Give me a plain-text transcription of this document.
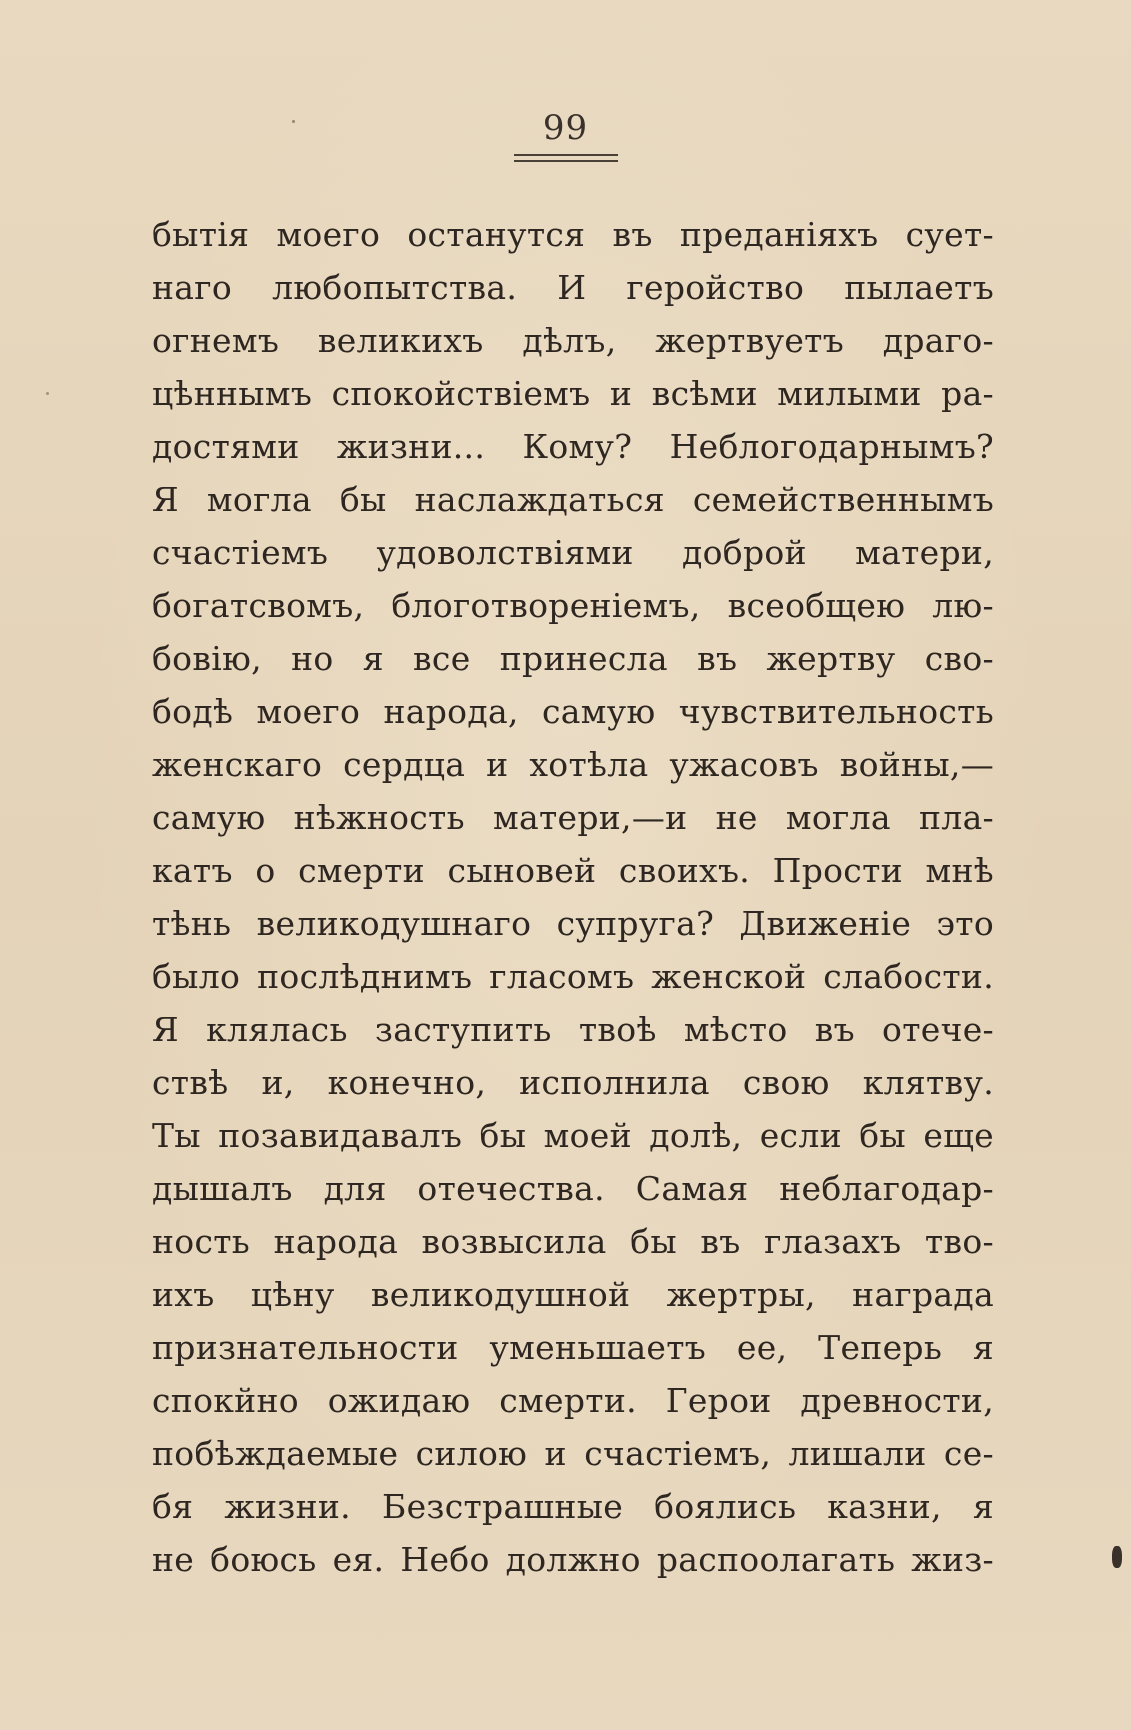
99
бытія моего останутся въ преданіяхъ сует-
наго любопытства. И геройство пылаетъ
огнемъ великихъ дѣлъ, жертвуетъ драго-
цѣннымъ спокойствіемъ и всѣми милыми ра-
достями жизни... Кому? Неблогодарнымъ?
Я могла бы наслаждаться семейственнымъ
счастіемъ удоволствіями доброй матери,
богатсвомъ, блоготвореніемъ, всеобщею лю-
бовію, но я все принесла въ жертву сво-
бодѣ моего народа, самую чувствительность
женскаго сердца и хотѣла ужасовъ войны,—
самую нѣжность матери,—и не могла пла-
катъ о смерти сыновей своихъ. Прости мнѣ
тѣнь великодушнаго супруга? Движеніе это
было послѣднимъ гласомъ женской слабости.
Я клялась заступить твоѣ мѣсто въ отече-
ствѣ и, конечно, исполнила свою клятву.
Ты позавидавалъ бы моей долѣ, если бы еще
дышалъ для отечества. Самая неблагодар-
ность народа возвысила бы въ глазахъ тво-
ихъ цѣну великодушной жертры, награда
признательности уменьшаетъ ее, Теперь я
спокйно ожидаю смерти. Герои древности,
побѣждаемые силою и счастіемъ, лишали се-
бя жизни. Безстрашные боялись казни, я
не боюсь ея. Небо должно распоолагать жиз-
